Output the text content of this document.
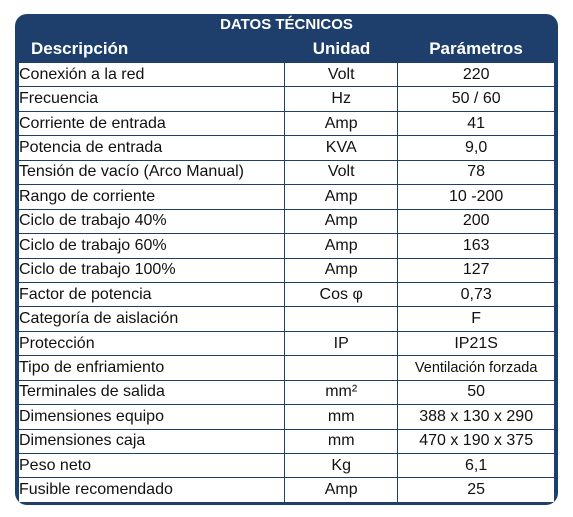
DATOS TÉCNICOS
Descripción	Unidad	Parámetros
Conexión a la red	Volt	220
Frecuencia	Hz	50 / 60
Corriente de entrada	Amp	41
Potencia de entrada	KVA	9,0
Tensión de vacío (Arco Manual)	Volt	78
Rango de corriente	Amp	10 -200
Ciclo de trabajo 40%	Amp	200
Ciclo de trabajo 60%	Amp	163
Ciclo de trabajo 100%	Amp	127
Factor de potencia	Cos φ	0,73
Categoría de aislación		F
Protección	IP	IP21S
Tipo de enfriamiento		Ventilación forzada
Terminales de salida	mm²	50
Dimensiones equipo	mm	388 x 130 x 290
Dimensiones caja	mm	470 x 190 x 375
Peso neto	Kg	6,1
Fusible recomendado	Amp	25
